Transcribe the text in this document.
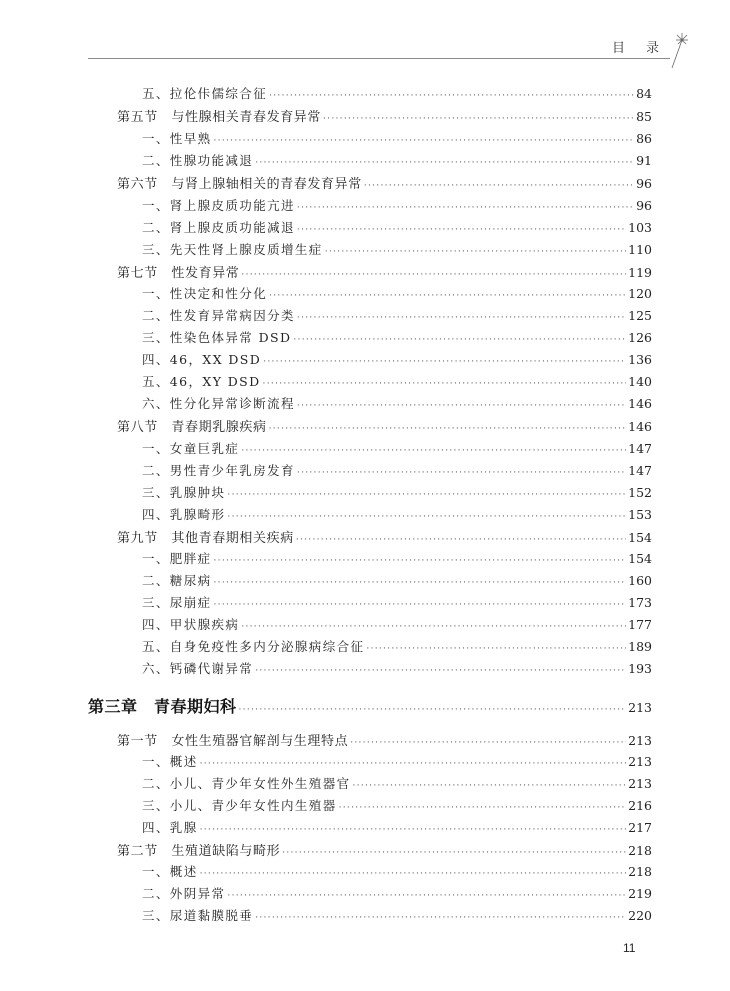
目　录
五、拉伦佧儒综合征 ·····	84
第五节　与性腺相关青春发育异常 ·····	85
一、性早熟 ·····	86
二、性腺功能减退 ·····	91
第六节　与肾上腺轴相关的青春发育异常 ·····	96
一、肾上腺皮质功能亢进 ·····	96
二、肾上腺皮质功能减退 ·····	103
三、先天性肾上腺皮质增生症 ·····	110
第七节　性发育异常 ·····	119
一、性决定和性分化 ·····	120
二、性发育异常病因分类 ·····	125
三、性染色体异常 DSD ·····	126
四、46，XX DSD ·····	136
五、46，XY DSD ·····	140
六、性分化异常诊断流程 ·····	146
第八节　青春期乳腺疾病 ·····	146
一、女童巨乳症 ·····	147
二、男性青少年乳房发育 ·····	147
三、乳腺肿块 ·····	152
四、乳腺畸形 ·····	153
第九节　其他青春期相关疾病 ·····	154
一、肥胖症 ·····	154
二、糖尿病 ·····	160
三、尿崩症 ·····	173
四、甲状腺疾病 ·····	177
五、自身免疫性多内分泌腺病综合征 ·····	189
六、钙磷代谢异常 ·····	193
第三章　青春期妇科 ·····	213
第一节　女性生殖器官解剖与生理特点 ·····	213
一、概述 ·····	213
二、小儿、青少年女性外生殖器官 ·····	213
三、小儿、青少年女性内生殖器 ·····	216
四、乳腺 ·····	217
第二节　生殖道缺陷与畸形 ·····	218
一、概述 ·····	218
二、外阴异常 ·····	219
三、尿道黏膜脱垂 ·····	220
11
